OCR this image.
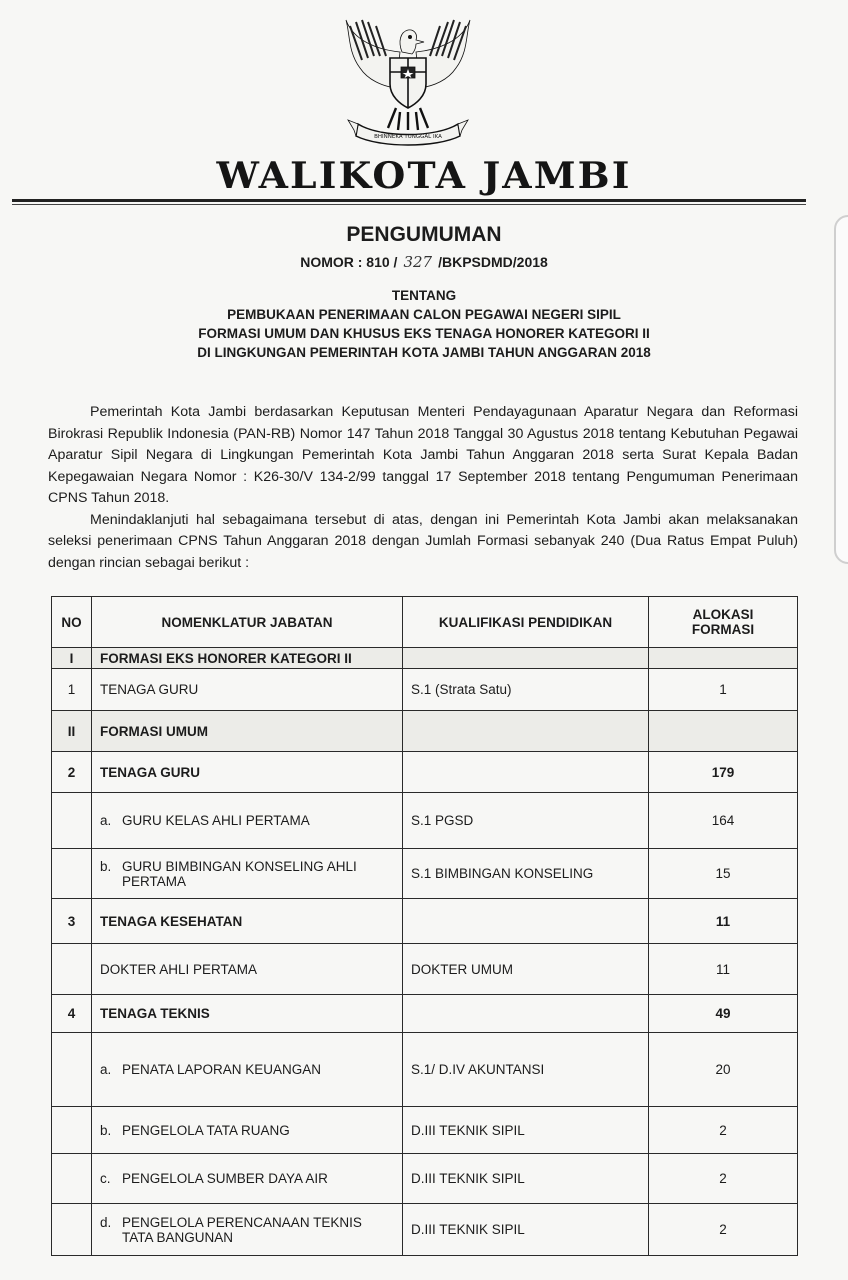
BHINNEKA TUNGGAL IKA
WALIKOTA JAMBI
PENGUMUMAN
NOMOR : 810 / 327 /BKPSDMD/2018
TENTANG
PEMBUKAAN PENERIMAAN CALON PEGAWAI NEGERI SIPIL
FORMASI UMUM DAN KHUSUS EKS TENAGA HONORER KATEGORI II
DI LINGKUNGAN PEMERINTAH KOTA JAMBI TAHUN ANGGARAN 2018

Pemerintah Kota Jambi berdasarkan Keputusan Menteri Pendayagunaan Aparatur Negara dan Reformasi Birokrasi Republik Indonesia (PAN-RB) Nomor 147 Tahun 2018 Tanggal 30 Agustus 2018 tentang Kebutuhan Pegawai Aparatur Sipil Negara di Lingkungan Pemerintah Kota Jambi Tahun Anggaran 2018 serta Surat Kepala Badan Kepegawaian Negara Nomor : K26-30/V 134-2/99 tanggal 17 September 2018 tentang Pengumuman Penerimaan CPNS Tahun 2018.

Menindaklanjuti hal sebagaimana tersebut di atas, dengan ini Pemerintah Kota Jambi akan melaksanakan seleksi penerimaan CPNS Tahun Anggaran 2018 dengan Jumlah Formasi sebanyak 240 (Dua Ratus Empat Puluh) dengan rincian sebagai berikut :

NO	NOMENKLATUR JABATAN	KUALIFIKASI PENDIDIKAN	ALOKASI
FORMASI

I	FORMASI EKS HONORER KATEGORI II		
1	TENAGA GURU	S.1 (Strata Satu)	1
II	FORMASI UMUM		
2	TENAGA GURU		179

	a. GURU KELAS AHLI PERTAMA	S.1 PGSD	164

	b. GURU BIMBINGAN KONSELING AHLI PERTAMA	S.1 BIMBINGAN KONSELING	15
3	TENAGA KESEHATAN		11
	DOKTER AHLI PERTAMA	DOKTER UMUM	11
4	TENAGA TEKNIS		49

	a. PENATA LAPORAN KEUANGAN	S.1/ D.IV AKUNTANSI	20

	b. PENGELOLA TATA RUANG	D.III TEKNIK SIPIL	2

	c. PENGELOLA SUMBER DAYA AIR	D.III TEKNIK SIPIL	2

	d. PENGELOLA PERENCANAAN TEKNIS TATA BANGUNAN	D.III TEKNIK SIPIL	2
